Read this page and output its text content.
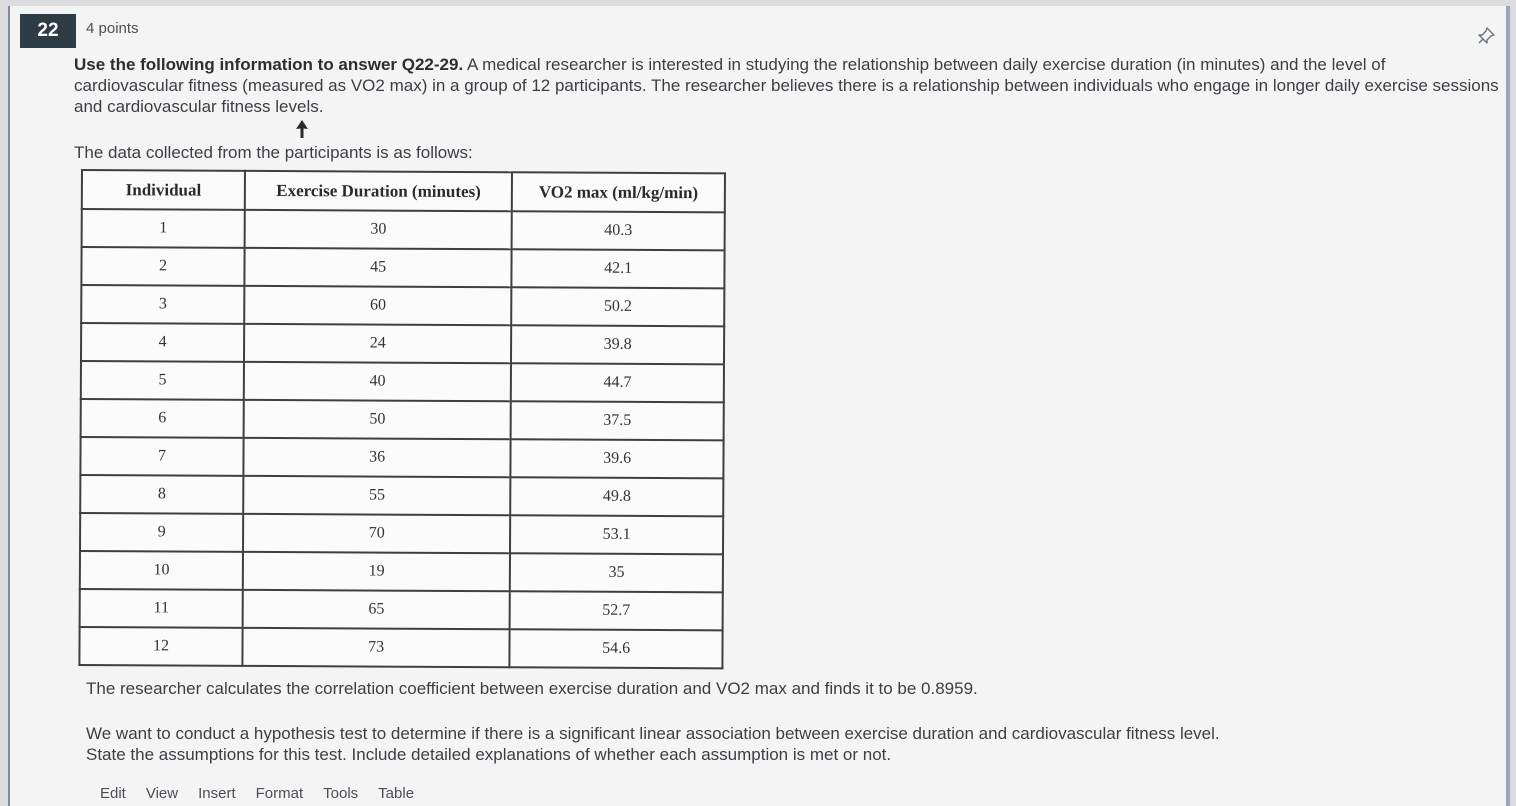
22	4 points
Use the following information to answer Q22-29. A medical researcher is interested in studying the relationship between daily exercise duration (in minutes) and the level of cardiovascular fitness (measured as VO2 max) in a group of 12 participants. The researcher believes there is a relationship between individuals who engage in longer daily exercise sessions and cardiovascular fitness levels.
The data collected from the participants is as follows:
Individual	Exercise Duration (minutes)	VO2 max (ml/kg/min)
1	30	40.3
2	45	42.1
3	60	50.2
4	24	39.8
5	40	44.7
6	50	37.5
7	36	39.6
8	55	49.8
9	70	53.1
10	19	35
11	65	52.7
12	73	54.6
The researcher calculates the correlation coefficient between exercise duration and VO2 max and finds it to be 0.8959.
We want to conduct a hypothesis test to determine if there is a significant linear association between exercise duration and cardiovascular fitness level.
State the assumptions for this test. Include detailed explanations of whether each assumption is met or not.
Edit View Insert Format Tools Table
